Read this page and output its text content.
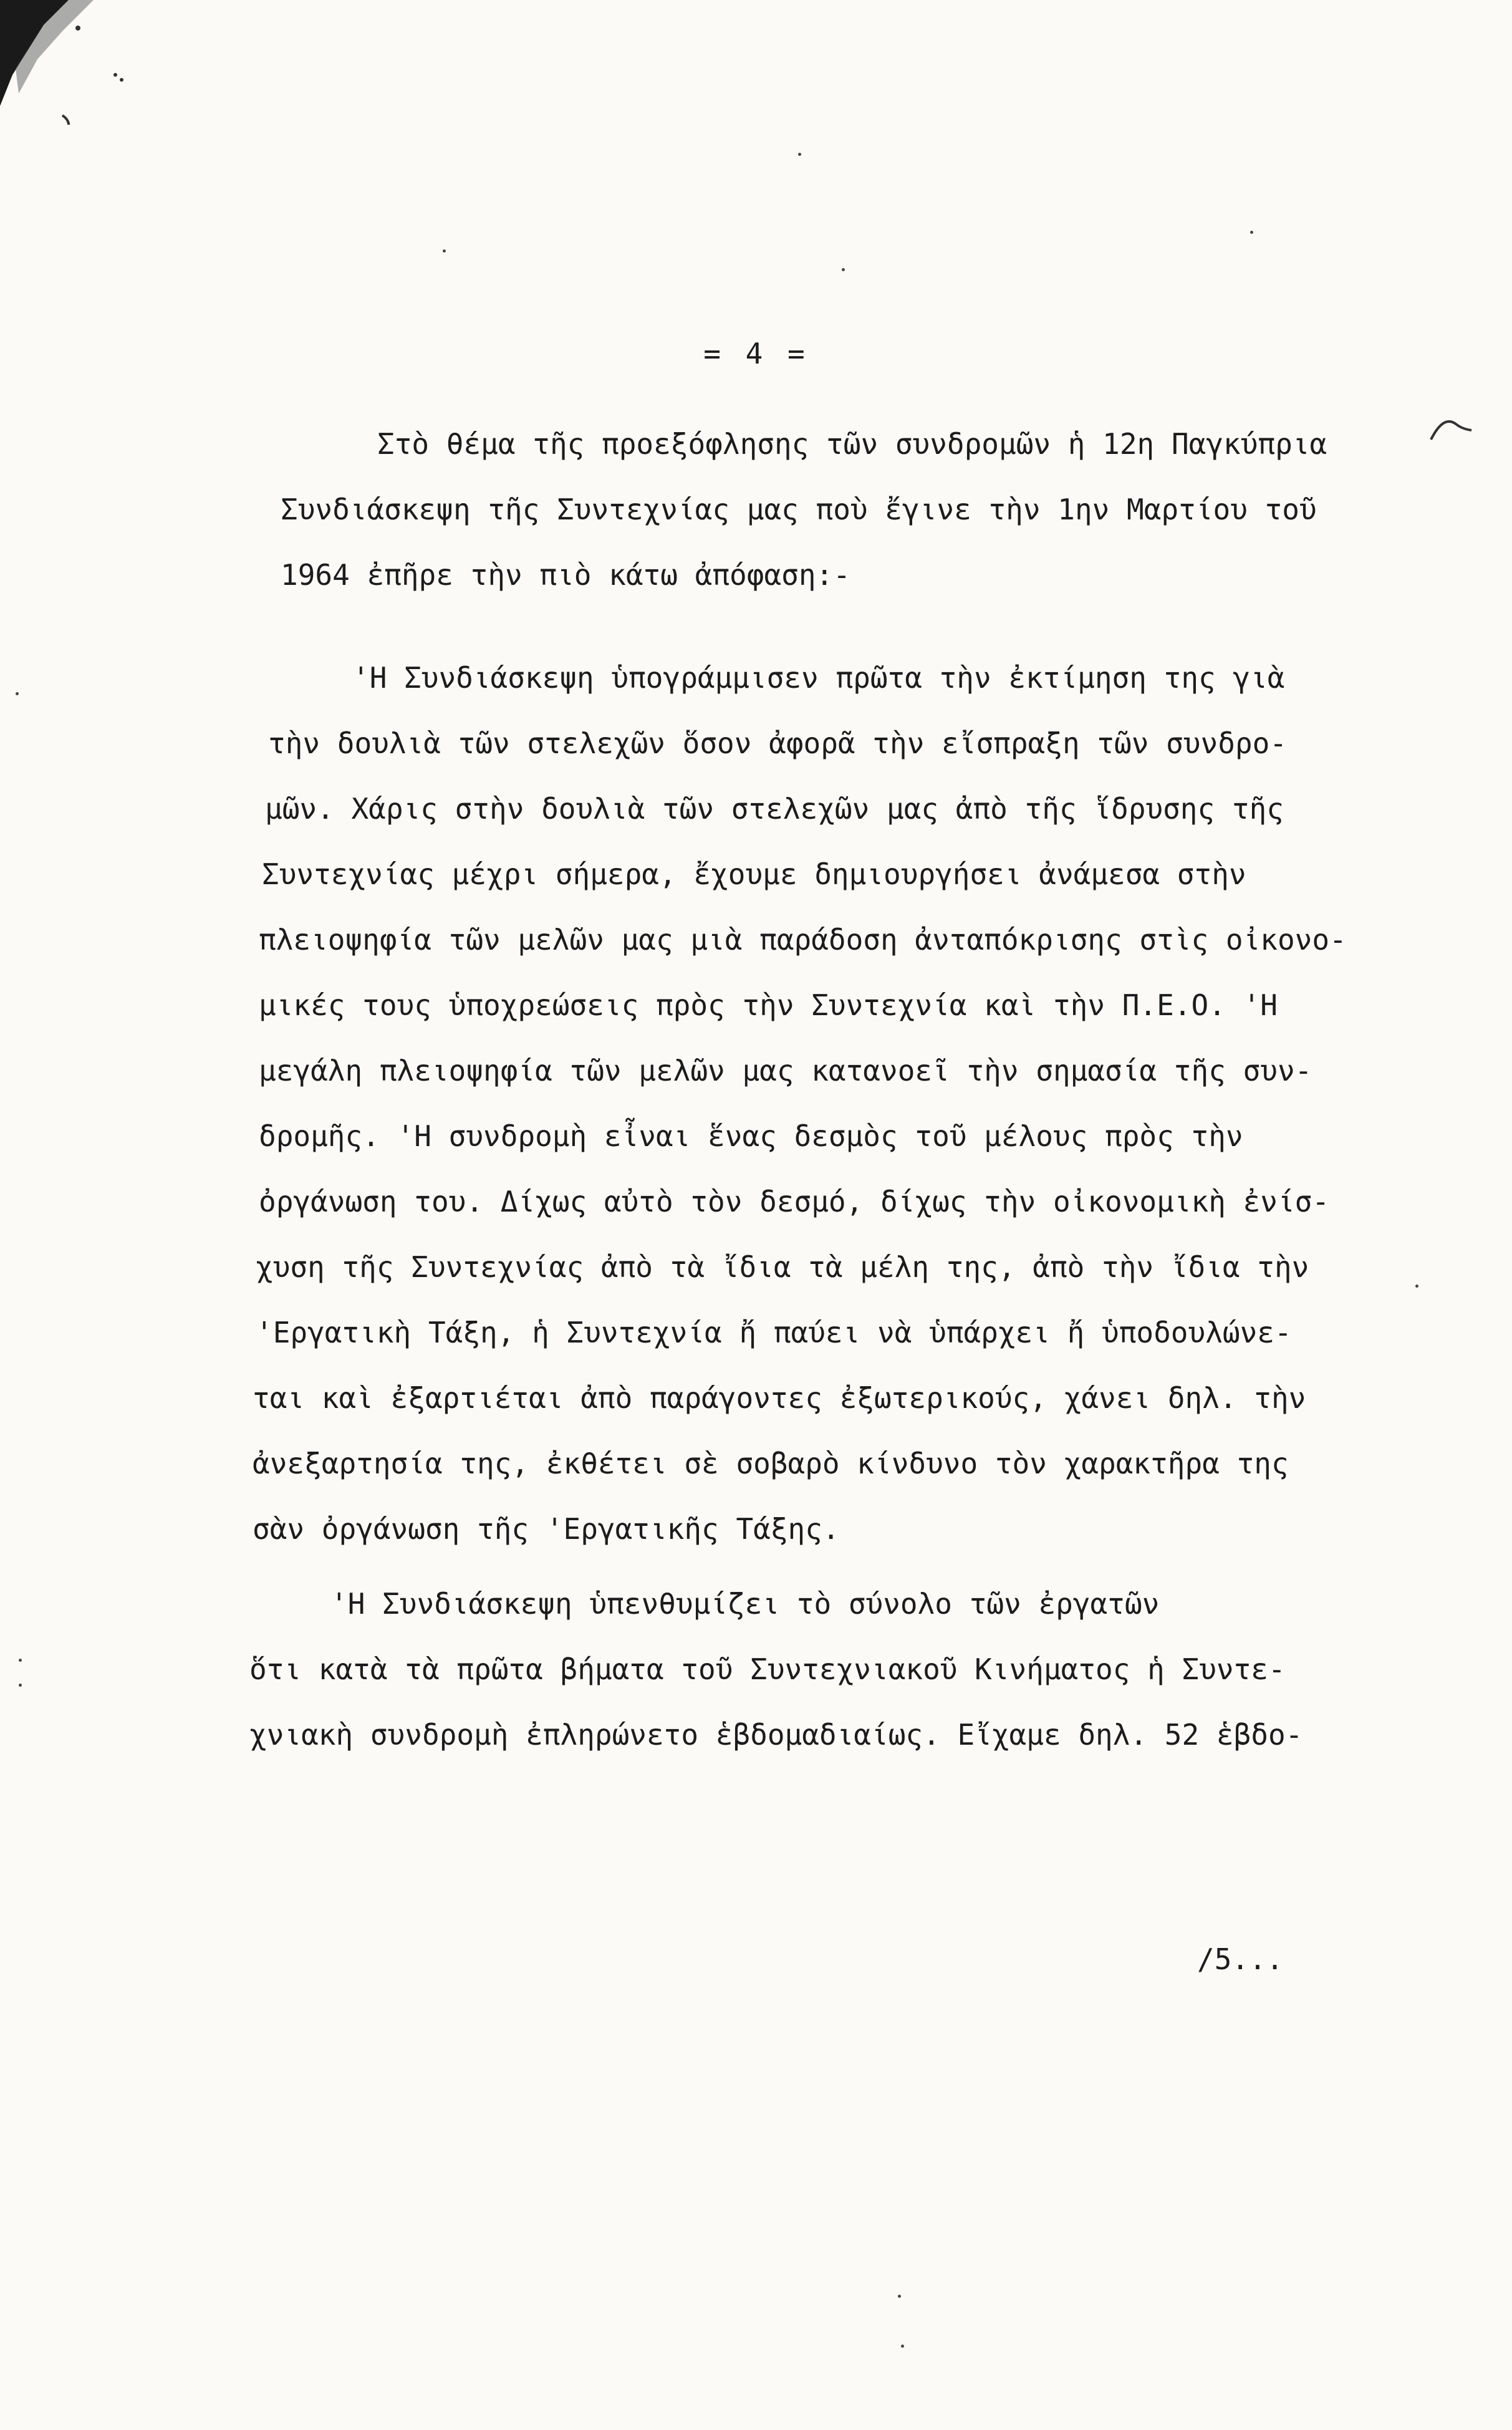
= 4 =
Στὸ θέμα τῆς προεξόφλησης τῶν συνδρομῶν ἡ 12η Παγκύπρια
Συνδιάσκεψη τῆς Συντεχνίας μας ποὺ ἔγινε τὴν 1ην Μαρτίου τοῦ
1964 ἐπῆρε τὴν πιὸ κάτω ἀπόφαση:-
'Η Συνδιάσκεψη ὑπογράμμισεν πρῶτα τὴν ἐκτίμηση της γιὰ
τὴν δουλιὰ τῶν στελεχῶν ὅσον ἀφορᾶ τὴν εἴσπραξη τῶν συνδρο-
μῶν. Χάρις στὴν δουλιὰ τῶν στελεχῶν μας ἀπὸ τῆς ἵδρυσης τῆς
Συντεχνίας μέχρι σήμερα, ἔχουμε δημιουργήσει ἀνάμεσα στὴν
πλειοψηφία τῶν μελῶν μας μιὰ παράδοση ἀνταπόκρισης στὶς οἰκονο-
μικές τους ὑποχρεώσεις πρὸς τὴν Συντεχνία καὶ τὴν Π.Ε.Ο. 'Η
μεγάλη πλειοψηφία τῶν μελῶν μας κατανοεῖ τὴν σημασία τῆς συν-
δρομῆς. 'Η συνδρομὴ εἶναι ἕνας δεσμὸς τοῦ μέλους πρὸς τὴν
ὀργάνωση του. Δίχως αὐτὸ τὸν δεσμό, δίχως τὴν οἰκονομικὴ ἐνίσ-
χυση τῆς Συντεχνίας ἀπὸ τὰ ἴδια τὰ μέλη της, ἀπὸ τὴν ἴδια τὴν
'Εργατικὴ Τάξη, ἡ Συντεχνία ἤ παύει νὰ ὑπάρχει ἤ ὑποδουλώνε-
ται καὶ ἐξαρτιέται ἀπὸ παράγοντες ἐξωτερικούς, χάνει δηλ. τὴν
ἀνεξαρτησία της, ἐκθέτει σὲ σοβαρὸ κίνδυνο τὸν χαρακτῆρα της
σὰν ὀργάνωση τῆς 'Εργατικῆς Τάξης.
'Η Συνδιάσκεψη ὑπενθυμίζει τὸ σύνολο τῶν ἐργατῶν
ὅτι κατὰ τὰ πρῶτα βήματα τοῦ Συντεχνιακοῦ Κινήματος ἡ Συντε-
χνιακὴ συνδρομὴ ἐπληρώνετο ἑβδομαδιαίως. Εἴχαμε δηλ. 52 ἑβδο-
/5...
